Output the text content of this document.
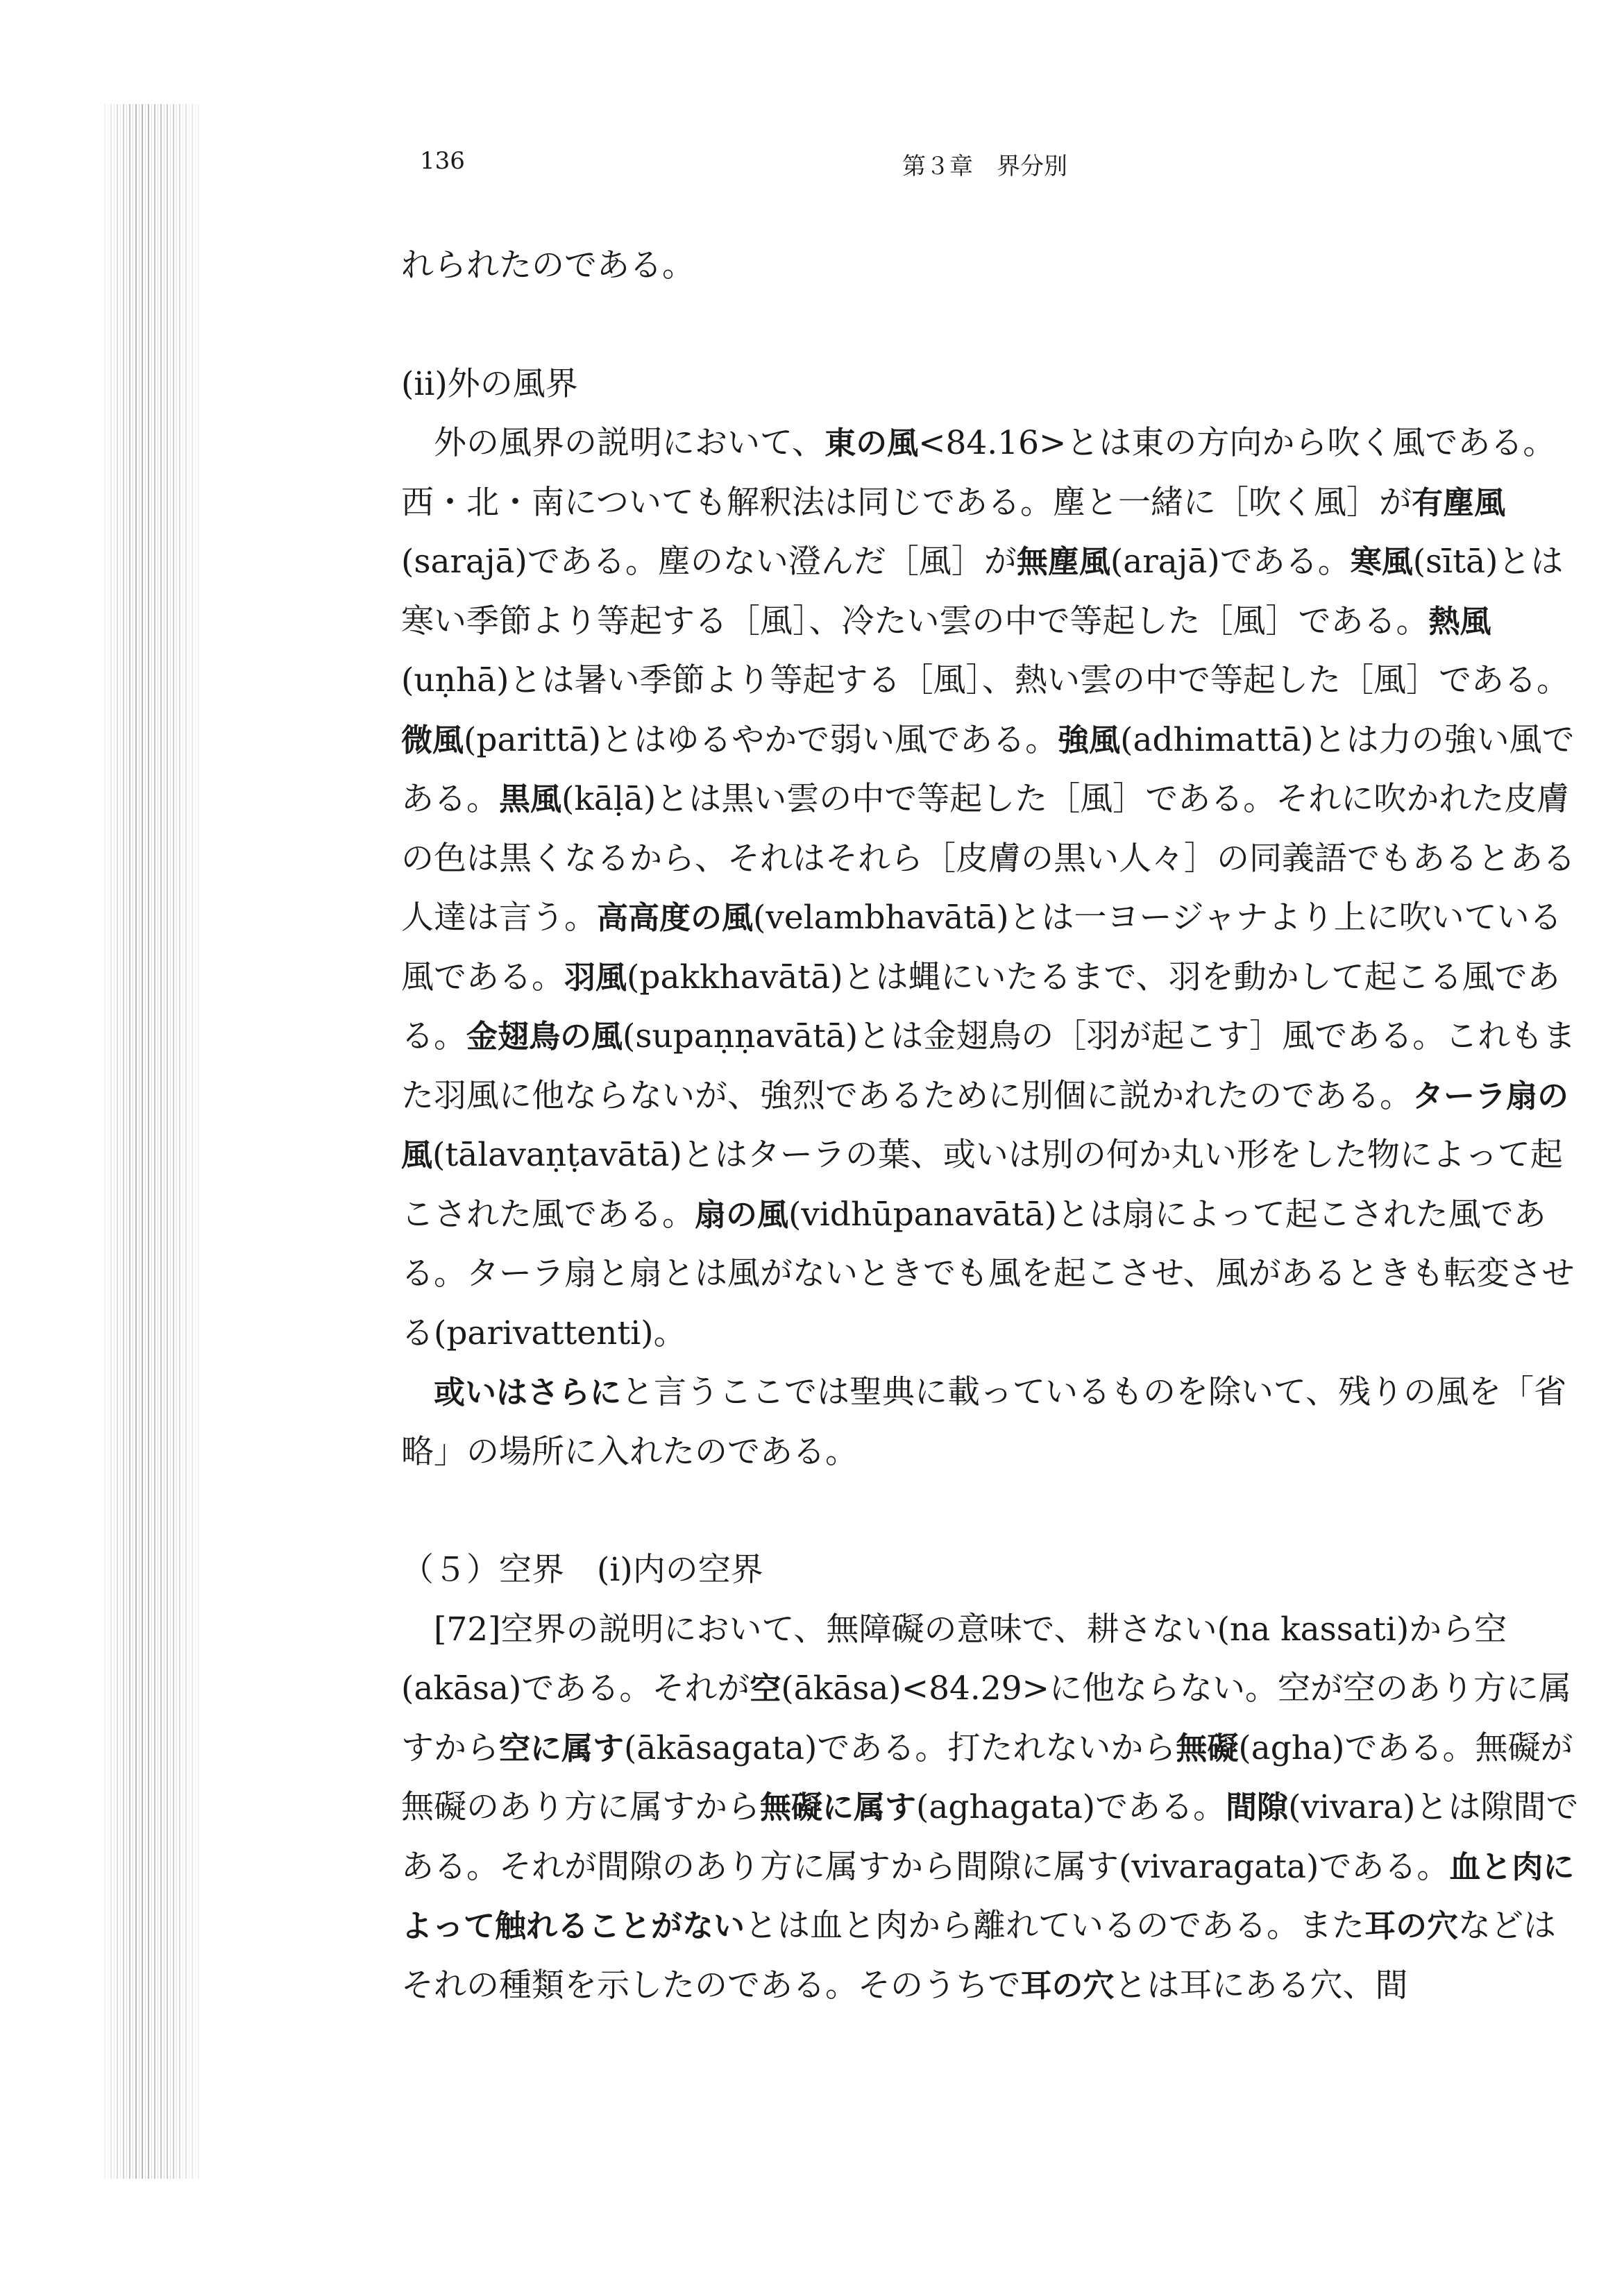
136	第３章　界分別

れられたのである。

(ii)外の風界

外の風界の説明において、東の風<84.16>とは東の方向から吹く風である。西・北・南についても解釈法は同じである。塵と一緒に［吹く風］が有塵風(sarajā)である。塵のない澄んだ［風］が無塵風(arajā)である。寒風(sītā)とは寒い季節より等起する［風］、冷たい雲の中で等起した［風］である。熱風(uṇhā)とは暑い季節より等起する［風］、熱い雲の中で等起した［風］である。微風(parittā)とはゆるやかで弱い風である。強風(adhimattā)とは力の強い風である。黒風(kāḷā)とは黒い雲の中で等起した［風］である。それに吹かれた皮膚の色は黒くなるから、それはそれら［皮膚の黒い人々］の同義語でもあるとある人達は言う。高高度の風(velambhavātā)とは一ヨージャナより上に吹いている風である。羽風(pakkhavātā)とは蝿にいたるまで、羽を動かして起こる風である。金翅鳥の風(supaṇṇavātā)とは金翅鳥の［羽が起こす］風である。これもまた羽風に他ならないが、強烈であるために別個に説かれたのである。ターラ扇の風(tālavaṇṭavātā)とはターラの葉、或いは別の何か丸い形をした物によって起こされた風である。扇の風(vidhūpanavātā)とは扇によって起こされた風である。ターラ扇と扇とは風がないときでも風を起こさせ、風があるときも転変させる(parivattenti)。

或いはさらにと言うここでは聖典に載っているものを除いて、残りの風を「省略」の場所に入れたのである。

（５）空界　(i)内の空界

[72]空界の説明において、無障礙の意味で、耕さない(na kassati)から空(akāsa)である。それが空(ākāsa)<84.29>に他ならない。空が空のあり方に属すから空に属す(ākāsagata)である。打たれないから無礙(agha)である。無礙が無礙のあり方に属すから無礙に属す(aghagata)である。間隙(vivara)とは隙間である。それが間隙のあり方に属すから間隙に属す(vivaragata)である。血と肉によって触れることがないとは血と肉から離れているのである。また耳の穴などはそれの種類を示したのである。そのうちで耳の穴とは耳にある穴、間
